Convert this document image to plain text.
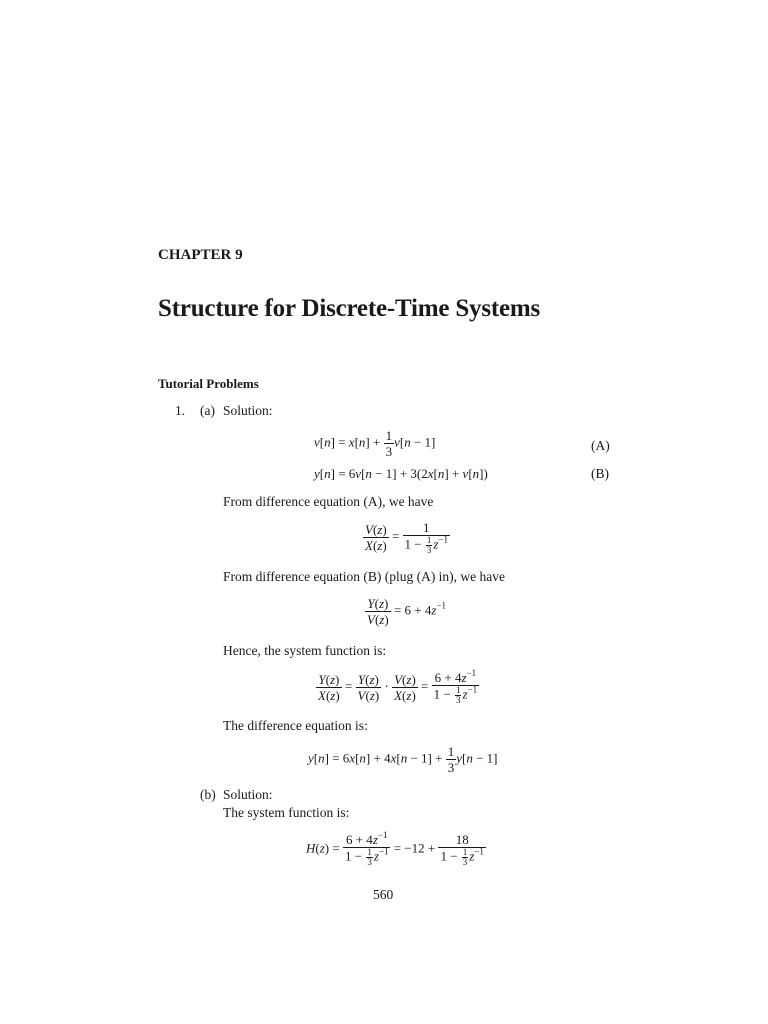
CHAPTER 9
Structure for Discrete-Time Systems
Tutorial Problems
1. (a) Solution:
$v[n] = x[n] + \frac{1}{3} v[n - 1]$	(A)
y[n] = 6v[n − 1] + 3(2x[n] + v[n])	(B)
From difference equation (A), we have
$\frac{V(z)}{X(z)} = \frac{1}{1 - \frac{1}{3} z^{-1}}$
From difference equation (B) (plug (A) in), we have
$\frac{Y(z)}{V(z)} = 6 + 4z^{-1}$
Hence, the system function is:
$\frac{Y(z)}{X(z)} = \frac{Y(z)}{V(z)} \cdot \frac{V(z)}{X(z)} = \frac{6 + 4z^{-1}}{1 - \frac{1}{3} z^{-1}}$
The difference equation is:
$y[n] = 6x[n] + 4x[n - 1] + \frac{1}{3} y[n - 1]$
(b) Solution:
The system function is:
$H(z) = \frac{6 + 4z^{-1}}{1 - \frac{1}{3} z^{-1}} = -12 + \frac{18}{1 - \frac{1}{3} z^{-1}}$
560
